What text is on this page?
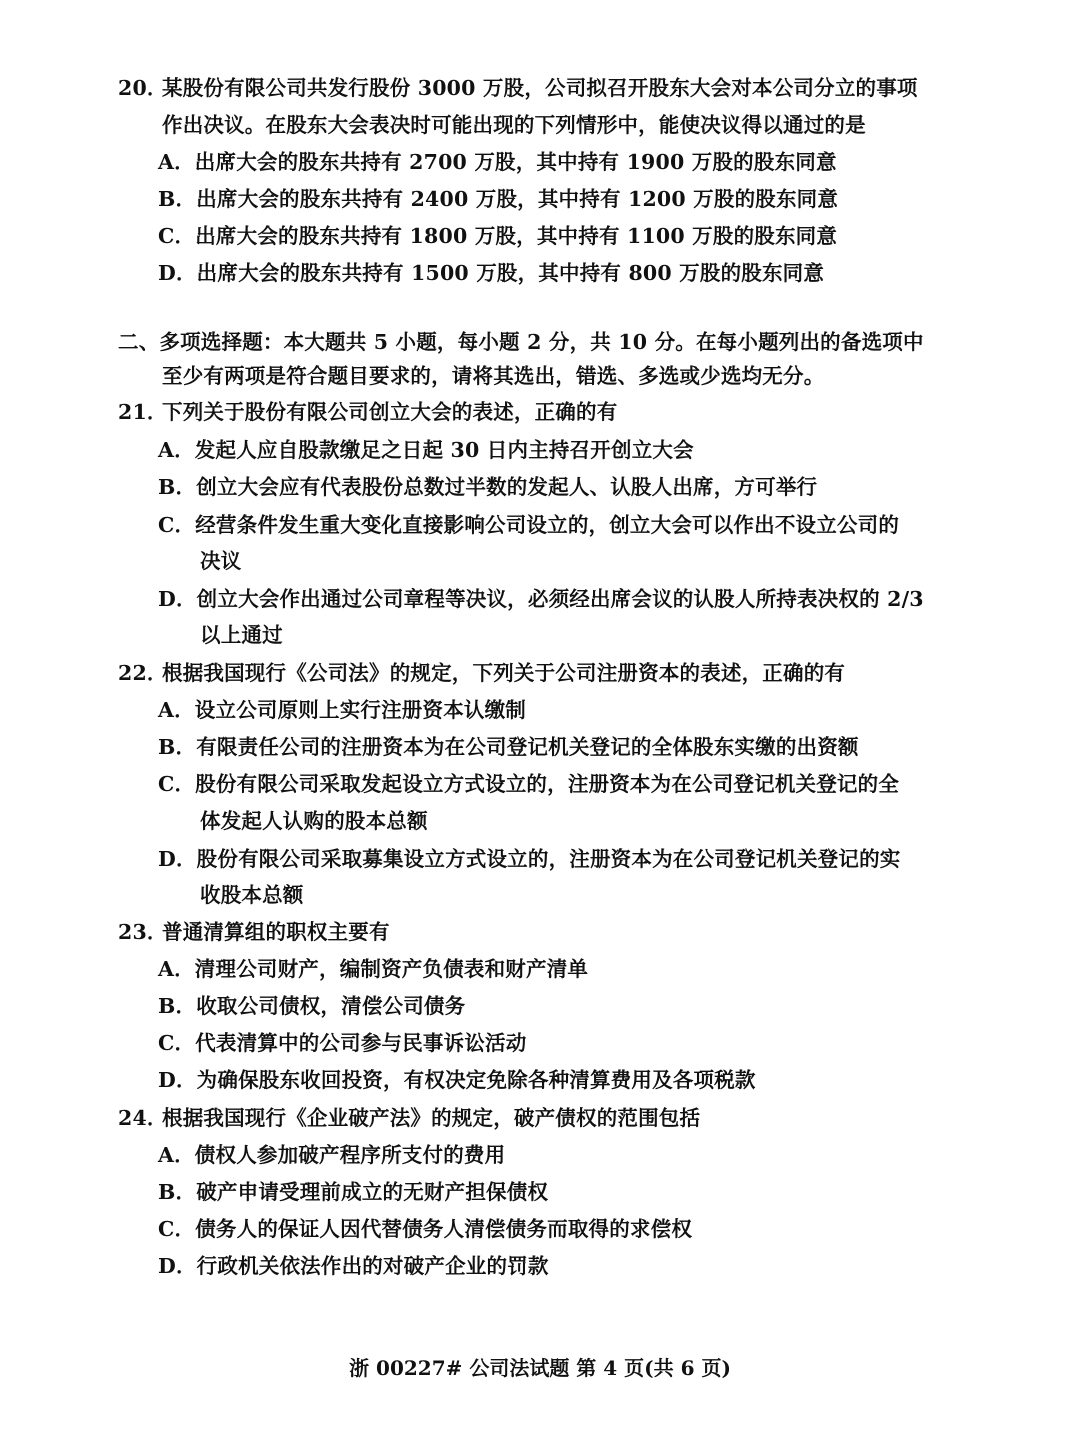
20．
某股份有限公司共发行股份 3000 万股，公司拟召开股东大会对本公司分立的事项
作出决议。在股东大会表决时可能出现的下列情形中，能使决议得以通过的是
A．出席大会的股东共持有 2700 万股，其中持有 1900 万股的股东同意
B．出席大会的股东共持有 2400 万股，其中持有 1200 万股的股东同意
C．出席大会的股东共持有 1800 万股，其中持有 1100 万股的股东同意
D．出席大会的股东共持有 1500 万股，其中持有 800 万股的股东同意
二、多项选择题：本大题共 5 小题，每小题 2 分，共 10 分。在每小题列出的备选项中
至少有两项是符合题目要求的，请将其选出，错选、多选或少选均无分。
21．
下列关于股份有限公司创立大会的表述，正确的有
A．发起人应自股款缴足之日起 30 日内主持召开创立大会
B．创立大会应有代表股份总数过半数的发起人、认股人出席，方可举行
C．经营条件发生重大变化直接影响公司设立的，创立大会可以作出不设立公司的
决议
D．创立大会作出通过公司章程等决议，必须经出席会议的认股人所持表决权的 2/3
以上通过
22．
根据我国现行《公司法》的规定，下列关于公司注册资本的表述，正确的有
A．设立公司原则上实行注册资本认缴制
B．有限责任公司的注册资本为在公司登记机关登记的全体股东实缴的出资额
C．股份有限公司采取发起设立方式设立的，注册资本为在公司登记机关登记的全
体发起人认购的股本总额
D．股份有限公司采取募集设立方式设立的，注册资本为在公司登记机关登记的实
收股本总额
23．
普通清算组的职权主要有
A．清理公司财产，编制资产负债表和财产清单
B．收取公司债权，清偿公司债务
C．代表清算中的公司参与民事诉讼活动
D．为确保股东收回投资，有权决定免除各种清算费用及各项税款
24．
根据我国现行《企业破产法》的规定，破产债权的范围包括
A．债权人参加破产程序所支付的费用
B．破产申请受理前成立的无财产担保债权
C．债务人的保证人因代替债务人清偿债务而取得的求偿权
D．行政机关依法作出的对破产企业的罚款
浙 00227# 公司法试题 第 4 页(共 6 页)
